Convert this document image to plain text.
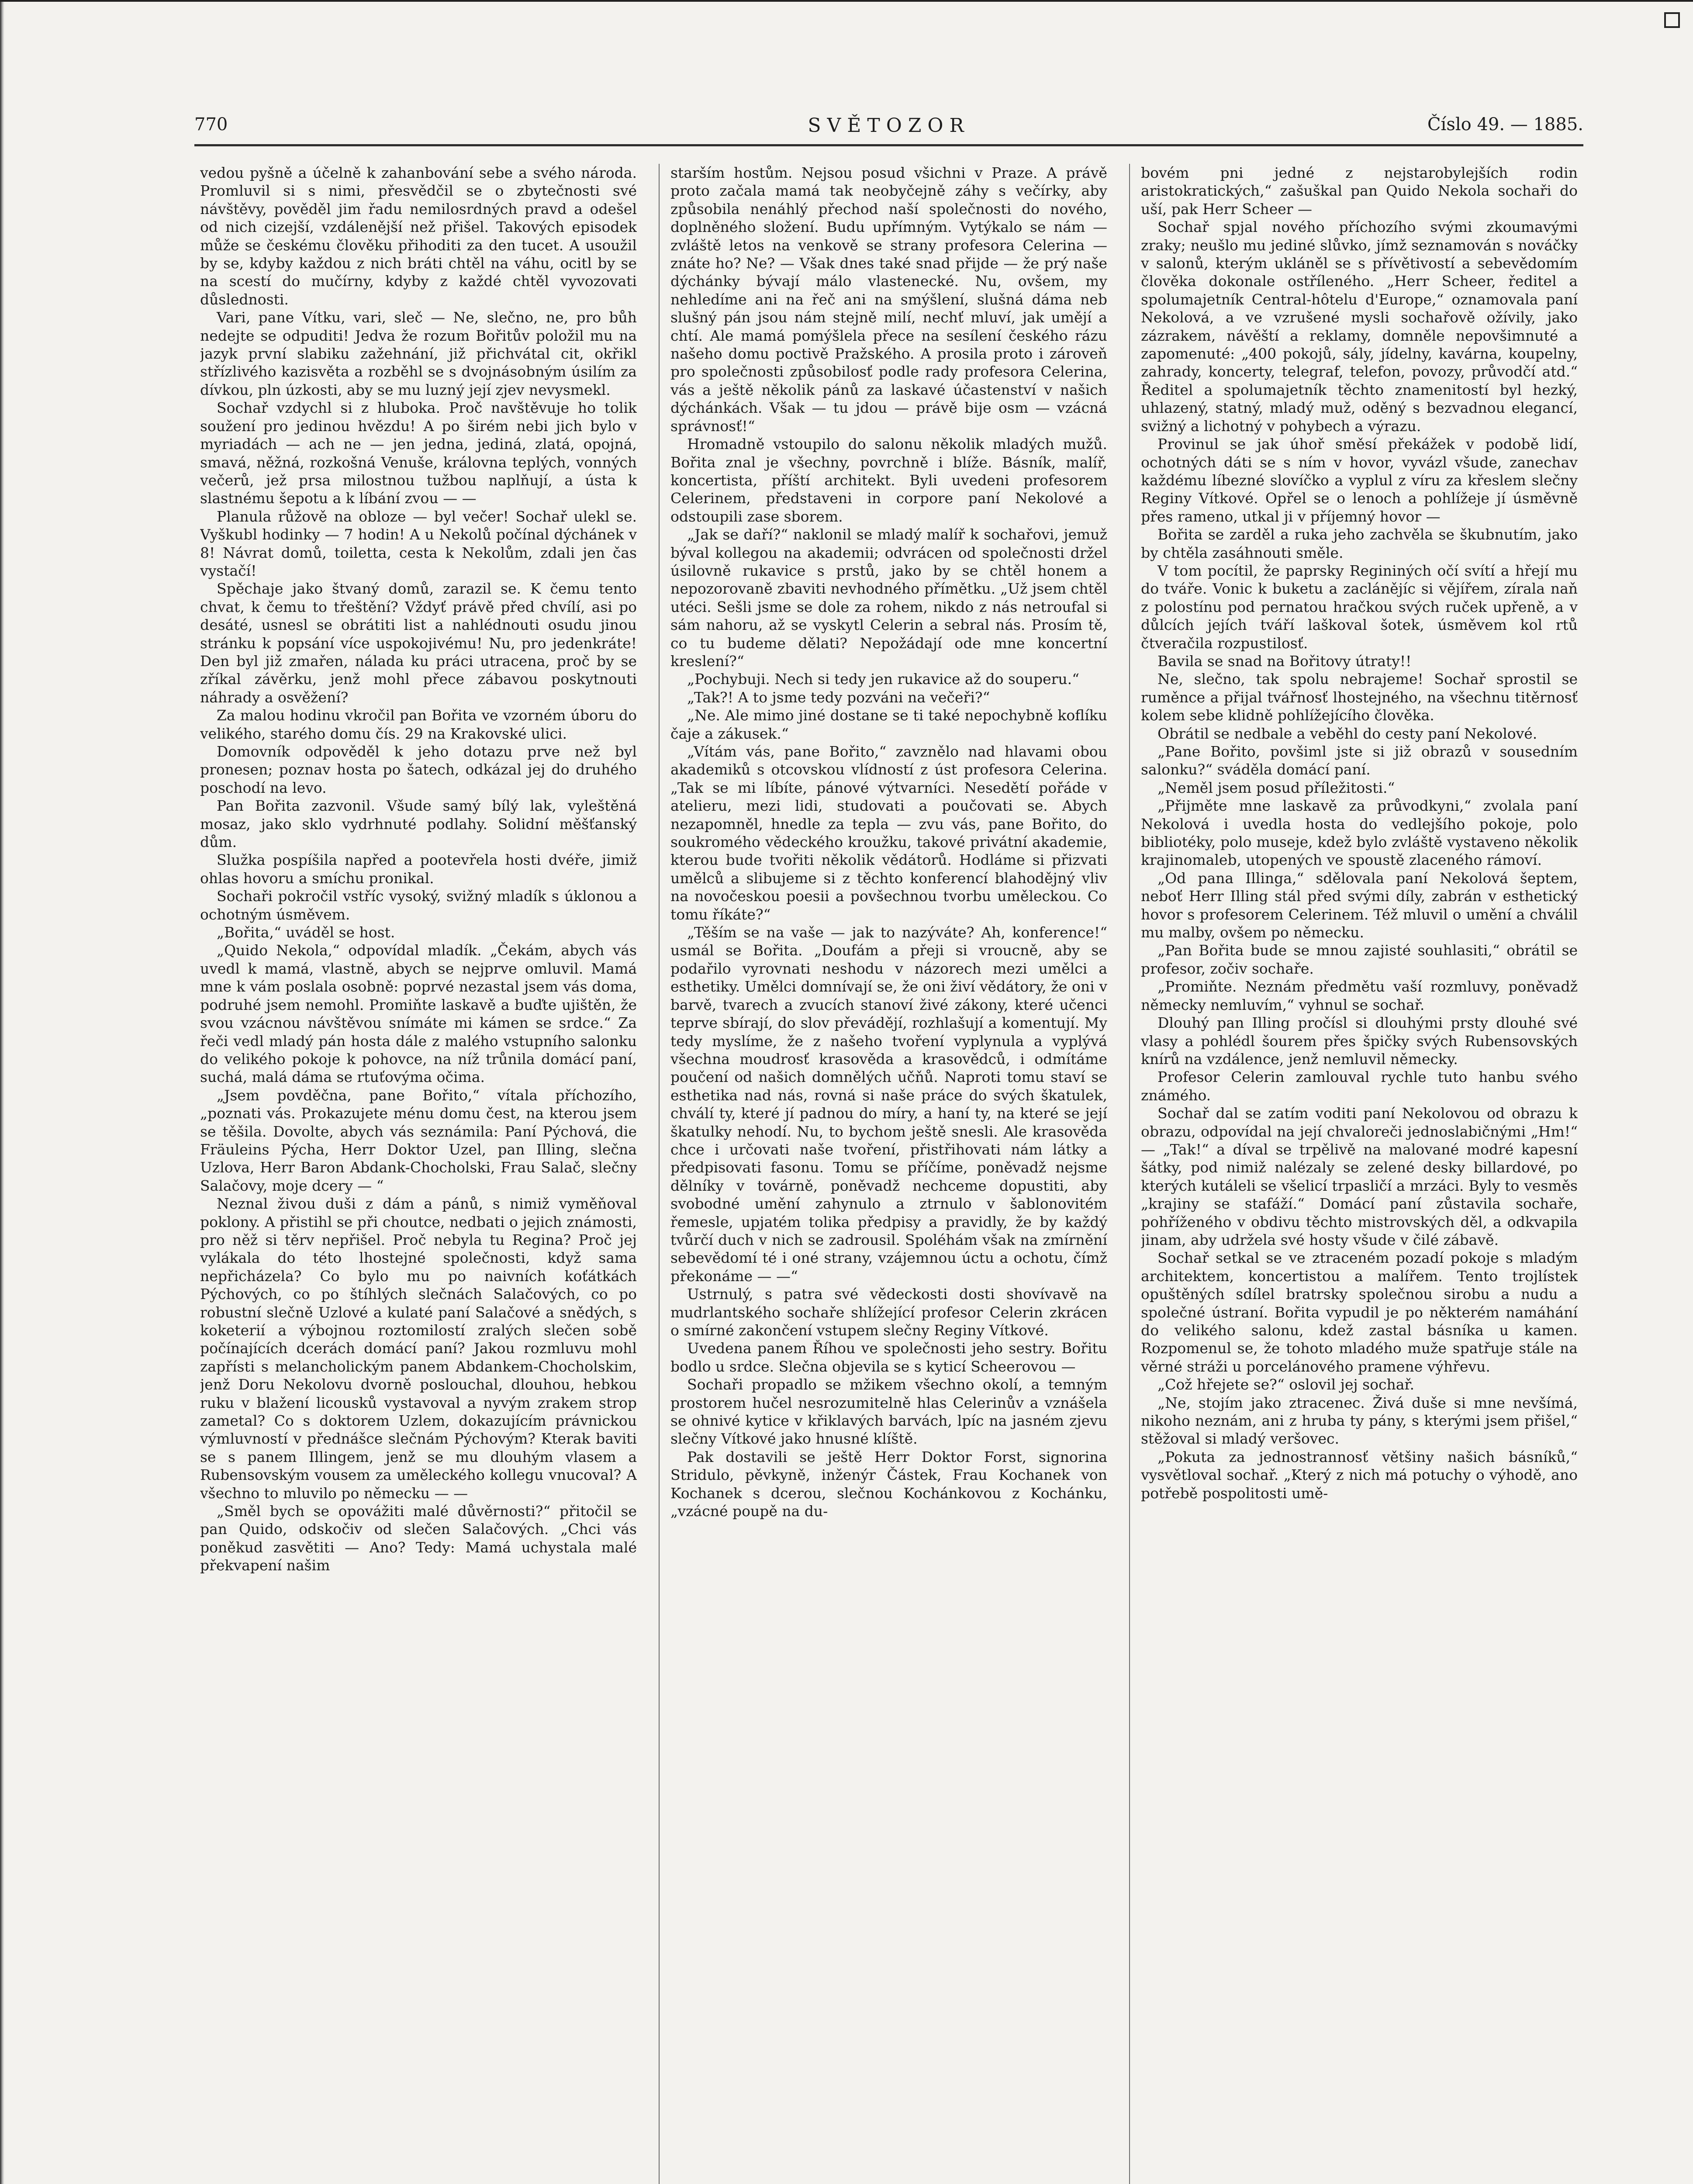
770	SVĚTOZOR	Číslo 49. — 1885.

vedou pyšně a účelně k zahanbování sebe a svého národa. Promluvil si s nimi, přesvědčil se o zbytečnosti své návštěvy, pověděl jim řadu nemilosrdných pravd a odešel od nich cizejší, vzdálenější než přišel. Takových episodek může se českému člověku přihoditi za den tucet. A usoužil by se, kdyby každou z nich bráti chtěl na váhu, ocitl by se na scestí do mučírny, kdyby z každé chtěl vyvozovati důslednosti.

Vari, pane Vítku, vari, sleč — Ne, slečno, ne, pro bůh nedejte se odpuditi! Jedva že rozum Bořitův položil mu na jazyk první slabiku zažehnání, již přichvátal cit, okřikl střízlivého kazisvěta a rozběhl se s dvojnásobným úsilím za dívkou, pln úzkosti, aby se mu luzný její zjev nevysmekl.

Sochař vzdychl si z hluboka. Proč navštěvuje ho tolik soužení pro jedinou hvězdu! A po širém nebi jich bylo v myriadách — ach ne — jen jedna, jediná, zlatá, opojná, smavá, něžná, rozkošná Venuše, královna teplých, vonných večerů, jež prsa milostnou tužbou naplňují, a ústa k slastnému šepotu a k líbání zvou — —

Planula růžově na obloze — byl večer! Sochař ulekl se. Vyškubl hodinky — 7 hodin! A u Nekolů počínal dýchánek v 8! Návrat domů, toiletta, cesta k Nekolům, zdali jen čas vystačí!

Spěchaje jako štvaný domů, zarazil se. K čemu tento chvat, k čemu to třeštění? Vždyť právě před chvílí, asi po desáté, usnesl se obrátiti list a nahlédnouti osudu jinou stránku k popsání více uspokojivému! Nu, pro jedenkráte! Den byl již zmařen, nálada ku práci utracena, proč by se zříkal závěrku, jenž mohl přece zábavou poskytnouti náhrady a osvěžení?

Za malou hodinu vkročil pan Bořita ve vzorném úboru do velikého, starého domu čís. 29 na Krakovské ulici.

Domovník odpověděl k jeho dotazu prve než byl pronesen; poznav hosta po šatech, odkázal jej do druhého poschodí na levo.

Pan Bořita zazvonil. Všude samý bílý lak, vyleštěná mosaz, jako sklo vydrhnuté podlahy. Solidní měšťanský dům.

Služka pospíšila napřed a pootevřela hosti dvéře, jimiž ohlas hovoru a smíchu pronikal.

Sochaři pokročil vstříc vysoký, svižný mladík s úklonou a ochotným úsměvem.

„Bořita,“ uváděl se host.

„Quido Nekola,“ odpovídal mladík. „Čekám, abych vás uvedl k mamá, vlastně, abych se nejprve omluvil. Mamá mne k vám poslala osobně: poprvé nezastal jsem vás doma, podruhé jsem nemohl. Promiňte laskavě a buďte ujištěn, že svou vzácnou návštěvou snímáte mi kámen se srdce.“ Za řeči vedl mladý pán hosta dále z malého vstupního salonku do velikého pokoje k pohovce, na níž trůnila domácí paní, suchá, malá dáma se rtuťovýma očima.

„Jsem povděčna, pane Bořito,“ vítala příchozího, „poznati vás. Prokazujete ménu domu čest, na kterou jsem se těšila. Dovolte, abych vás seznámila: Paní Pýchová, die Fräuleins Pýcha, Herr Doktor Uzel, pan Illing, slečna Uzlova, Herr Baron Abdank-Chocholski, Frau Salač, slečny Salačovy, moje dcery — “

Neznal živou duši z dám a pánů, s nimiž vyměňoval poklony. A přistihl se při choutce, nedbati o jejich známosti, pro něž si těrv nepřišel. Proč nebyla tu Regina? Proč jej vylákala do této lhostejné společnosti, když sama nepřicházela? Co bylo mu po naivních koťátkách Pýchových, co po štíhlých slečnách Salačových, co po robustní slečně Uzlové a kulaté paní Salačové a snědých, s koketerií a výbojnou roztomilostí zralých slečen sobě počínajících dcerách domácí paní? Jakou rozmluvu mohl zapřísti s melancholickým panem Abdankem-Chocholskim, jenž Doru Nekolovu dvorně poslouchal, dlouhou, hebkou ruku v blažení licousků vystavoval a nyvým zrakem strop zametal? Co s doktorem Uzlem, dokazujícím právnickou výmluvností v přednášce slečnám Pýchovým? Kterak baviti se s panem Illingem, jenž se mu dlouhým vlasem a Rubensovským vousem za uměleckého kollegu vnucoval? A všechno to mluvilo po německu — —

„Směl bych se opovážiti malé důvěrnosti?“ přitočil se pan Quido, odskočiv od slečen Salačových. „Chci vás poněkud zasvětiti — Ano? Tedy: Mamá uchystala malé překvapení našim

starším hostům. Nejsou posud všichni v Praze. A právě proto začala mamá tak neobyčejně záhy s večírky, aby způsobila nenáhlý přechod naší společnosti do nového, doplněného složení. Budu upřímným. Vytýkalo se nám — zvláště letos na venkově se strany profesora Celerina — znáte ho? Ne? — Však dnes také snad přijde — že prý naše dýchánky bývají málo vlastenecké. Nu, ovšem, my nehledíme ani na řeč ani na smýšlení, slušná dáma neb slušný pán jsou nám stejně milí, nechť mluví, jak umějí a chtí. Ale mamá pomýšlela přece na sesílení českého rázu našeho domu poctivě Pražského. A prosila proto i zároveň pro společnosti způsobilosť podle rady profesora Celerina, vás a ještě několik pánů za laskavé účastenství v našich dýchánkách. Však — tu jdou — právě bije osm — vzácná správnosť!“

Hromadně vstoupilo do salonu několik mladých mužů. Bořita znal je všechny, povrchně i blíže. Básník, malíř, koncertista, příští architekt. Byli uvedeni profesorem Celerinem, představeni in corpore paní Nekolové a odstoupili zase sborem.

„Jak se daří?“ naklonil se mladý malíř k sochařovi, jemuž býval kollegou na akademii; odvrácen od společnosti držel úsilovně rukavice s prstů, jako by se chtěl honem a nepozorovaně zbaviti nevhodného přímětku. „Už jsem chtěl utéci. Sešli jsme se dole za rohem, nikdo z nás netroufal si sám nahoru, až se vyskytl Celerin a sebral nás. Prosím tě, co tu budeme dělati? Nepožádají ode mne koncertní kreslení?“

„Pochybuji. Nech si tedy jen rukavice až do souperu.“

„Tak?! A to jsme tedy pozváni na večeři?“

„Ne. Ale mimo jiné dostane se ti také nepochybně koflíku čaje a zákusek.“

„Vítám vás, pane Bořito,“ zavznělo nad hlavami obou akademiků s otcovskou vlídností z úst profesora Celerina. „Tak se mi líbíte, pánové výtvarníci. Nesedětí pořáde v atelieru, mezi lidi, studovati a poučovati se. Abych nezapomněl, hnedle za tepla — zvu vás, pane Bořito, do soukromého vědeckého kroužku, takové privátní akademie, kterou bude tvořiti několik vědátorů. Hodláme si přizvati umělců a slibujeme si z těchto konferencí blahodějný vliv na novočeskou poesii a povšechnou tvorbu uměleckou. Co tomu říkáte?“

„Těším se na vaše — jak to nazýváte? Ah, konference!“ usmál se Bořita. „Doufám a přeji si vroucně, aby se podařilo vyrovnati neshodu v názorech mezi umělci a esthetiky. Umělci domnívají se, že oni živí vědátory, že oni v barvě, tvarech a zvucích stanoví živé zákony, které učenci teprve sbírají, do slov převádějí, rozhlašují a komentují. My tedy myslíme, že z našeho tvoření vyplynula a vyplývá všechna moudrosť krasověda a krasovědců, i odmítáme poučení od našich domnělých učňů. Naproti tomu staví se esthetika nad nás, rovná si naše práce do svých škatulek, chválí ty, které jí padnou do míry, a haní ty, na které se její škatulky nehodí. Nu, to bychom ještě snesli. Ale krasověda chce i určovati naše tvoření, přistřihovati nám látky a předpisovati fasonu. Tomu se příčíme, poněvadž nejsme dělníky v továrně, poněvadž nechceme dopustiti, aby svobodné umění zahynulo a ztrnulo v šablonovitém řemesle, upjatém tolika předpisy a pravidly, že by každý tvůrčí duch v nich se zadrousil. Spoléhám však na zmírnění sebevědomí té i oné strany, vzájemnou úctu a ochotu, čímž překonáme — —“

Ustrnulý, s patra své vědeckosti dosti shovívavě na mudrlantského sochaře shlížející profesor Celerin zkrácen o smírné zakončení vstupem slečny Reginy Vítkové.

Uvedena panem Říhou ve společnosti jeho sestry. Bořitu bodlo u srdce. Slečna objevila se s kyticí Scheerovou —

Sochaři propadlo se mžikem všechno okolí, a temným prostorem hučel nesrozumitelně hlas Celerinův a vznášela se ohnivé kytice v křiklavých barvách, lpíc na jasném zjevu slečny Vítkové jako hnusné klíště.

Pak dostavili se ještě Herr Doktor Forst, signorina Stridulo, pěvkyně, inženýr Částek, Frau Kochanek von Kochanek s dcerou, slečnou Kochánkovou z Kochánku, „vzácné poupě na du-

bovém pni jedné z nejstarobylejších rodin aristokratických,“ zašuškal pan Quido Nekola sochaři do uší, pak Herr Scheer —

Sochař spjal nového příchozího svými zkoumavými zraky; neušlo mu jediné slůvko, jímž seznamován s nováčky v salonů, kterým ukláněl se s přívětivostí a sebevědomím člověka dokonale ostříleného. „Herr Scheer, ředitel a spolumajetník Central-hôtelu d'Europe,“ oznamovala paní Nekolová, a ve vzrušené mysli sochařově ožívily, jako zázrakem, návěští a reklamy, domněle nepovšimnuté a zapomenuté: „400 pokojů, sály, jídelny, kavárna, koupelny, zahrady, koncerty, telegraf, telefon, povozy, průvodčí atd.“ Ředitel a spolumajetník těchto znamenitostí byl hezký, uhlazený, statný, mladý muž, oděný s bezvadnou elegancí, svižný a lichotný v pohybech a výrazu.

Provinul se jak úhoř směsí překážek v podobě lidí, ochotných dáti se s ním v hovor, vyvázl všude, zanechav každému líbezné slovíčko a vyplul z víru za křeslem slečny Reginy Vítkové. Opřel se o lenoch a pohlížeje jí úsměvně přes rameno, utkal ji v příjemný hovor —

Bořita se zarděl a ruka jeho zachvěla se škubnutím, jako by chtěla zasáhnouti směle.

V tom pocítil, že paprsky Regininých očí svítí a hřejí mu do tváře. Vonic k buketu a zaclánějíc si vějířem, zírala naň z polostínu pod pernatou hračkou svých ruček upřeně, a v důlcích jejích tváří laškoval šotek, úsměvem kol rtů čtveračila rozpustilosť.

Bavila se snad na Bořitovy útraty!!

Ne, slečno, tak spolu nebrajeme! Sochař sprostil se ruměnce a přijal tvářnosť lhostejného, na všechnu titěrnosť kolem sebe klidně pohlížejícího člověka.

Obrátil se nedbale a veběhl do cesty paní Nekolové.

„Pane Bořito, povšiml jste si již obrazů v sousedním salonku?“ sváděla domácí paní.

„Neměl jsem posud příležitosti.“

„Přijměte mne laskavě za průvodkyni,“ zvolala paní Nekolová i uvedla hosta do vedlejšího pokoje, polo bibliotéky, polo museje, kdež bylo zvláště vystaveno několik krajinomaleb, utopených ve spoustě zlaceného rámoví.

„Od pana Illinga,“ sdělovala paní Nekolová šeptem, neboť Herr Illing stál před svými díly, zabrán v esthetický hovor s profesorem Celerinem. Též mluvil o umění a chválil mu malby, ovšem po německu.

„Pan Bořita bude se mnou zajisté souhlasiti,“ obrátil se profesor, zočiv sochaře.

„Promiňte. Neznám předmětu vaší rozmluvy, poněvadž německy nemluvím,“ vyhnul se sochař.

Dlouhý pan Illing pročísl si dlouhými prsty dlouhé své vlasy a pohlédl šourem přes špičky svých Rubensovských knírů na vzdálence, jenž nemluvil německy.

Profesor Celerin zamlouval rychle tuto hanbu svého známého.

Sochař dal se zatím voditi paní Nekolovou od obrazu k obrazu, odpovídal na její chvaloreči jednoslabičnými „Hm!“ — „Tak!“ a díval se trpělivě na malované modré kapesní šátky, pod nimiž nalézaly se zelené desky billardové, po kterých kutáleli se všelicí trpasličí a mrzáci. Byly to vesměs „krajiny se stafáží.“ Domácí paní zůstavila sochaře, pohříženého v obdivu těchto mistrovských děl, a odkvapila jinam, aby udržela své hosty všude v čilé zábavě.

Sochař setkal se ve ztraceném pozadí pokoje s mladým architektem, koncertistou a malířem. Tento trojlístek opuštěných sdílel bratrsky společnou sirobu a nudu a společné ústraní. Bořita vypudil je po některém namáhání do velikého salonu, kdež zastal básníka u kamen. Rozpomenul se, že tohoto mladého muže spatřuje stále na věrné stráži u porcelánového pramene výhřevu.

„Což hřejete se?“ oslovil jej sochař.

„Ne, stojím jako ztracenec. Živá duše si mne nevšímá, nikoho neznám, ani z hruba ty pány, s kterými jsem přišel,“ stěžoval si mladý veršovec.

„Pokuta za jednostrannosť většiny našich básníků,“ vysvětloval sochař. „Který z nich má potuchy o výhodě, ano potřebě pospolitosti umě-
